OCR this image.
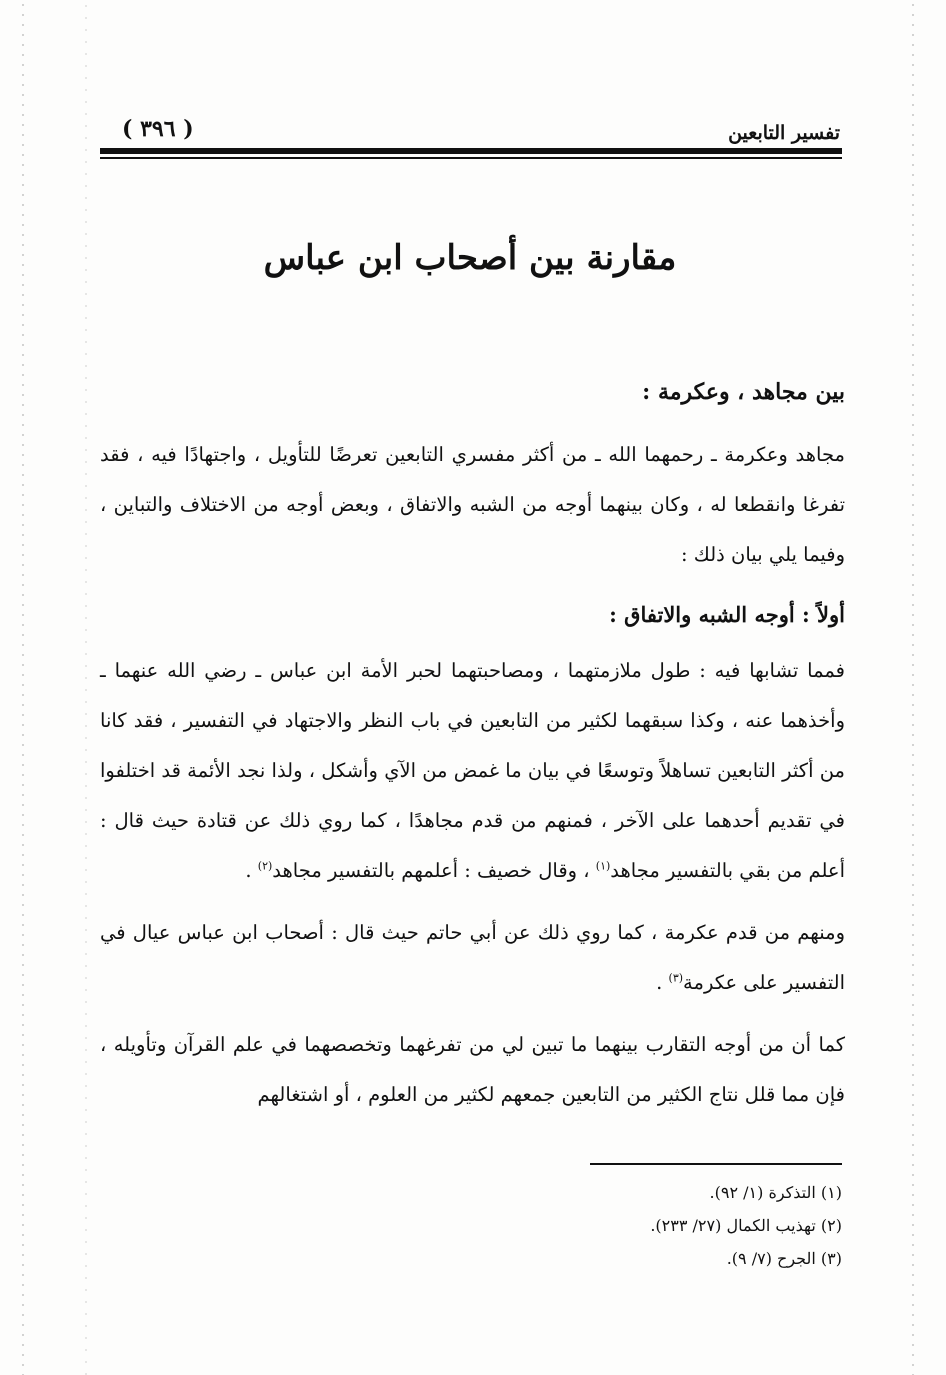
( ٣٩٦ )	تفسير التابعين
مقارنة بين أصحاب ابن عباس
بين مجاهد ، وعكرمة :

مجاهد وعكرمة ـ رحمهما الله ـ من أكثر مفسري التابعين تعرضًا للتأويل ، واجتهادًا فيه ، فقد تفرغا وانقطعا له ، وكان بينهما أوجه من الشبه والاتفاق ، وبعض أوجه من الاختلاف والتباين ، وفيما يلي بيان ذلك :

أولاً : أوجه الشبه والاتفاق :

فمما تشابها فيه : طول ملازمتهما ، ومصاحبتهما لحبر الأمة ابن عباس ـ رضي الله عنهما ـ وأخذهما عنه ، وكذا سبقهما لكثير من التابعين في باب النظر والاجتهاد في التفسير ، فقد كانا من أكثر التابعين تساهلاً وتوسعًا في بيان ما غمض من الآي وأشكل ، ولذا نجد الأئمة قد اختلفوا في تقديم أحدهما على الآخر ، فمنهم من قدم مجاهدًا ، كما روي ذلك عن قتادة حيث قال : أعلم من بقي بالتفسير مجاهد$^{(١)}$ ، وقال خصيف : أعلمهم بالتفسير مجاهد$^{(٢)}$ .

ومنهم من قدم عكرمة ، كما روي ذلك عن أبي حاتم حيث قال : أصحاب ابن عباس عيال في التفسير على عكرمة$^{(٣)}$ .

كما أن من أوجه التقارب بينهما ما تبين لي من تفرغهما وتخصصهما في علم القرآن وتأويله ، فإن مما قلل نتاج الكثير من التابعين جمعهم لكثير من العلوم ، أو اشتغالهم

(١) التذكرة (١/ ٩٢).
(٢) تهذيب الكمال (٢٧/ ٢٣٣).
(٣) الجرح (٧/ ٩).
